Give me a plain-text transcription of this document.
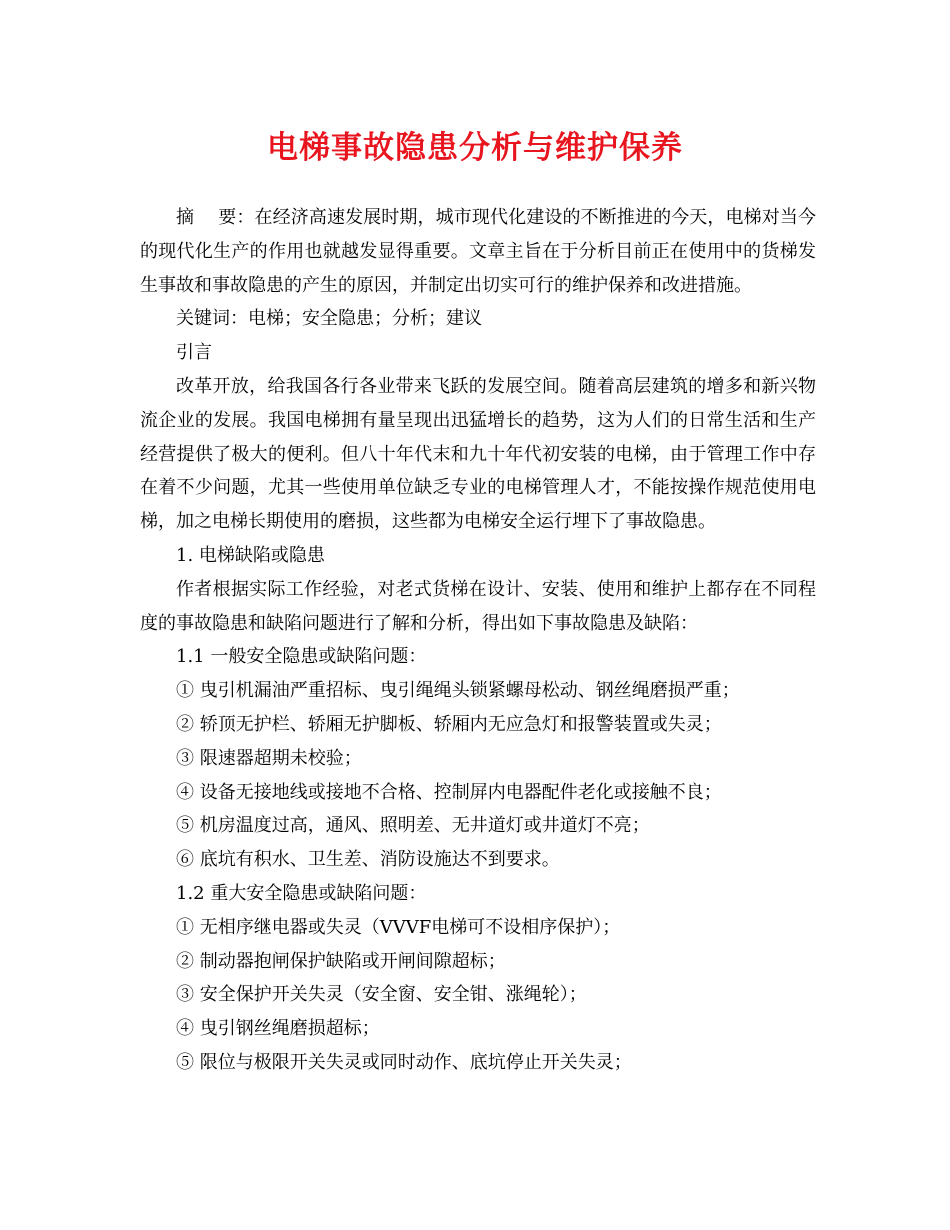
电梯事故隐患分析与维护保养

摘 要：在经济高速发展时期，城市现代化建设的不断推进的今天，电梯对当今的现代化生产的作用也就越发显得重要。文章主旨在于分析目前正在使用中的货梯发生事故和事故隐患的产生的原因，并制定出切实可行的维护保养和改进措施。

关键词：电梯；安全隐患；分析；建议

引言

改革开放，给我国各行各业带来飞跃的发展空间。随着高层建筑的增多和新兴物流企业的发展。我国电梯拥有量呈现出迅猛增长的趋势，这为人们的日常生活和生产经营提供了极大的便利。但八十年代末和九十年代初安装的电梯，由于管理工作中存在着不少问题，尤其一些使用单位缺乏专业的电梯管理人才，不能按操作规范使用电梯，加之电梯长期使用的磨损，这些都为电梯安全运行埋下了事故隐患。

1. 电梯缺陷或隐患

作者根据实际工作经验，对老式货梯在设计、安装、使用和维护上都存在不同程度的事故隐患和缺陷问题进行了解和分析，得出如下事故隐患及缺陷：

1.1 一般安全隐患或缺陷问题：

① 曳引机漏油严重招标、曳引绳绳头锁紧螺母松动、钢丝绳磨损严重；

② 轿顶无护栏、轿厢无护脚板、轿厢内无应急灯和报警装置或失灵；

③ 限速器超期未校验；

④ 设备无接地线或接地不合格、控制屏内电器配件老化或接触不良；

⑤ 机房温度过高，通风、照明差、无井道灯或井道灯不亮；

⑥ 底坑有积水、卫生差、消防设施达不到要求。

1.2 重大安全隐患或缺陷问题：

① 无相序继电器或失灵（VVVF电梯可不设相序保护）；

② 制动器抱闸保护缺陷或开闸间隙超标；

③ 安全保护开关失灵（安全窗、安全钳、涨绳轮）；

④ 曳引钢丝绳磨损超标；

⑤ 限位与极限开关失灵或同时动作、底坑停止开关失灵；
